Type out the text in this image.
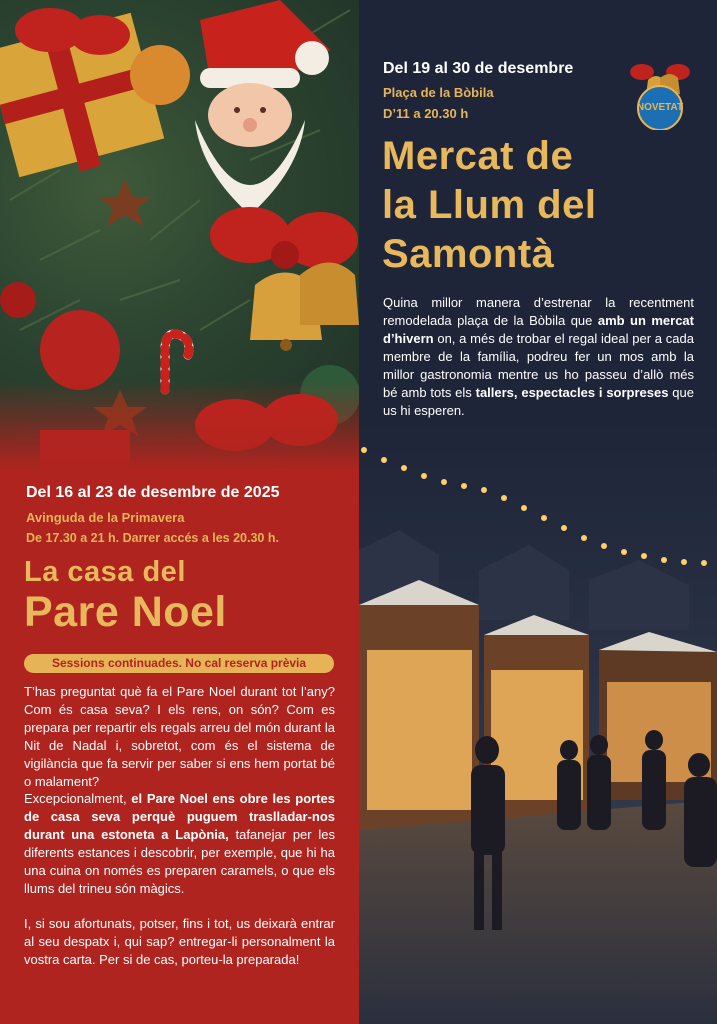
Del 16 al 23 de desembre de 2025
Avinguda de la Primavera
De 17.30 a 21 h. Darrer accés a les 20.30 h.
La casa del
Pare Noel
Sessions continuades. No cal reserva prèvia

T’has preguntat què fa el Pare Noel durant tot l’any? Com és casa seva? I els rens, on són? Com es prepara per repartir els regals arreu del món durant la Nit de Nadal i, sobretot, com és el sistema de vigilància que fa servir per saber si ens hem portat bé o malament?

Excepcionalment, el Pare Noel ens obre les portes de casa seva perquè puguem traslladar-nos durant una estoneta a Lapònia, tafanejar per les diferents estances i descobrir, per exemple, que hi ha una cuina on només es preparen caramels, o que els llums del trineu són màgics.

I, si sou afortunats, potser, fins i tot, us deixarà entrar al seu despatx i, qui sap? entregar-li personalment la vostra carta. Per si de cas, porteu-la preparada!

NOVETAT
Del 19 al 30 de desembre
Plaça de la Bòbila
D’11 a 20.30 h
Mercat de
la Llum del
Samontà

Quina millor manera d’estrenar la recentment remodelada plaça de la Bòbila que amb un mercat d’hivern on, a més de trobar el regal ideal per a cada membre de la família, podreu fer un mos amb la millor gastronomia mentre us ho passeu d’allò més bé amb tots els tallers, espectacles i sorpreses que us hi esperen.
